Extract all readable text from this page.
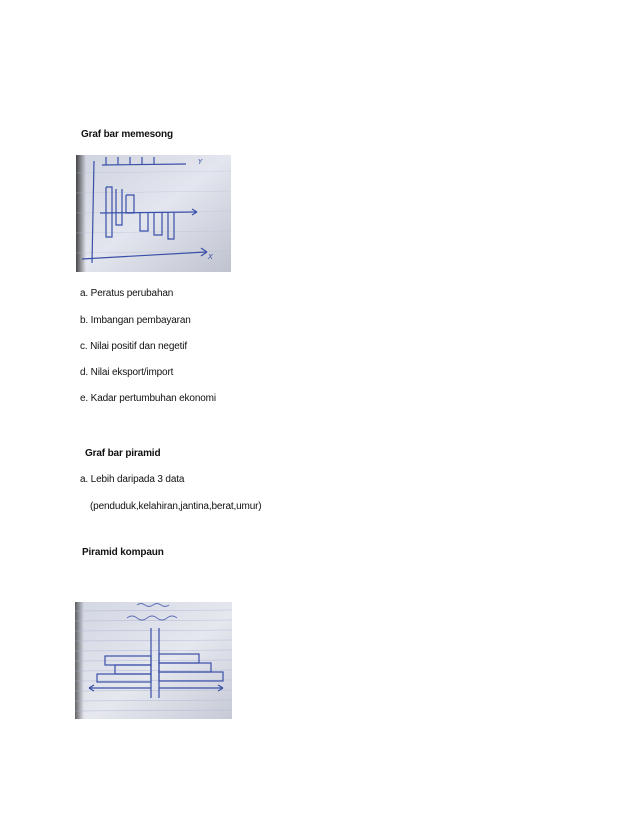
Graf bar memesong

Y
X

a. Peratus perubahan

b. Imbangan pembayaran

c. Nilai positif dan negetif

d. Nilai eksport/import

e. Kadar pertumbuhan ekonomi

Graf bar piramid

a. Lebih daripada 3 data

(penduduk,kelahiran,jantina,berat,umur)

Piramid kompaun
